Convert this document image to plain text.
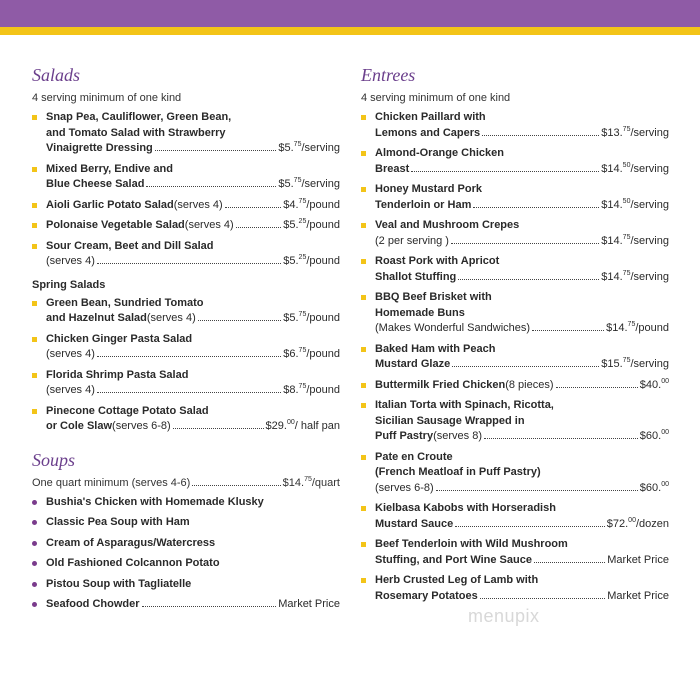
Salads
4 serving minimum of one kind
Snap Pea, Cauliflower, Green Bean,
and Tomato Salad with Strawberry
Vinaigrette Dressing	$5.75/serving
Mixed Berry, Endive and
Blue Cheese Salad	$5.75/serving
Aioli Garlic Potato Salad (serves 4)	$4.75/pound
Polonaise Vegetable Salad (serves 4)	$5.25/pound
Sour Cream, Beet and Dill Salad
(serves 4)	$5.25/pound
Spring Salads
Green Bean, Sundried Tomato
and Hazelnut Salad (serves 4)	$5.75/pound
Chicken Ginger Pasta Salad
(serves 4)	$6.75/pound
Florida Shrimp Pasta Salad
(serves 4)	$8.75/pound
Pinecone Cottage Potato Salad
or Cole Slaw (serves 6-8)	$29.00/ half pan
Soups
One quart minimum (serves 4-6)	$14.75/quart
Bushia's Chicken with Homemade Klusky
Classic Pea Soup with Ham
Cream of Asparagus/Watercress
Old Fashioned Colcannon Potato
Pistou Soup with Tagliatelle
Seafood Chowder	Market Price
Entrees
4 serving minimum of one kind
Chicken Paillard with
Lemons and Capers	$13.75/serving
Almond-Orange Chicken
Breast	$14.50/serving
Honey Mustard Pork
Tenderloin or Ham	$14.50/serving
Veal and Mushroom Crepes
(2 per serving )	$14.75/serving
Roast Pork with Apricot
Shallot Stuffing	$14.75/serving
BBQ Beef Brisket with
Homemade Buns
(Makes Wonderful Sandwiches)	$14.75/pound
Baked Ham with Peach
Mustard Glaze	$15.75/serving
Buttermilk Fried Chicken (8 pieces)	$40.00
Italian Torta with Spinach, Ricotta,
Sicilian Sausage Wrapped in
Puff Pastry (serves 8)	$60.00
Pate en Croute
(French Meatloaf in Puff Pastry)
(serves 6-8)	$60.00
Kielbasa Kabobs with Horseradish
Mustard Sauce	$72.00/dozen
Beef Tenderloin with Wild Mushroom
Stuffing, and Port Wine Sauce	Market Price
Herb Crusted Leg of Lamb with
Rosemary Potatoes	Market Price
menupix
